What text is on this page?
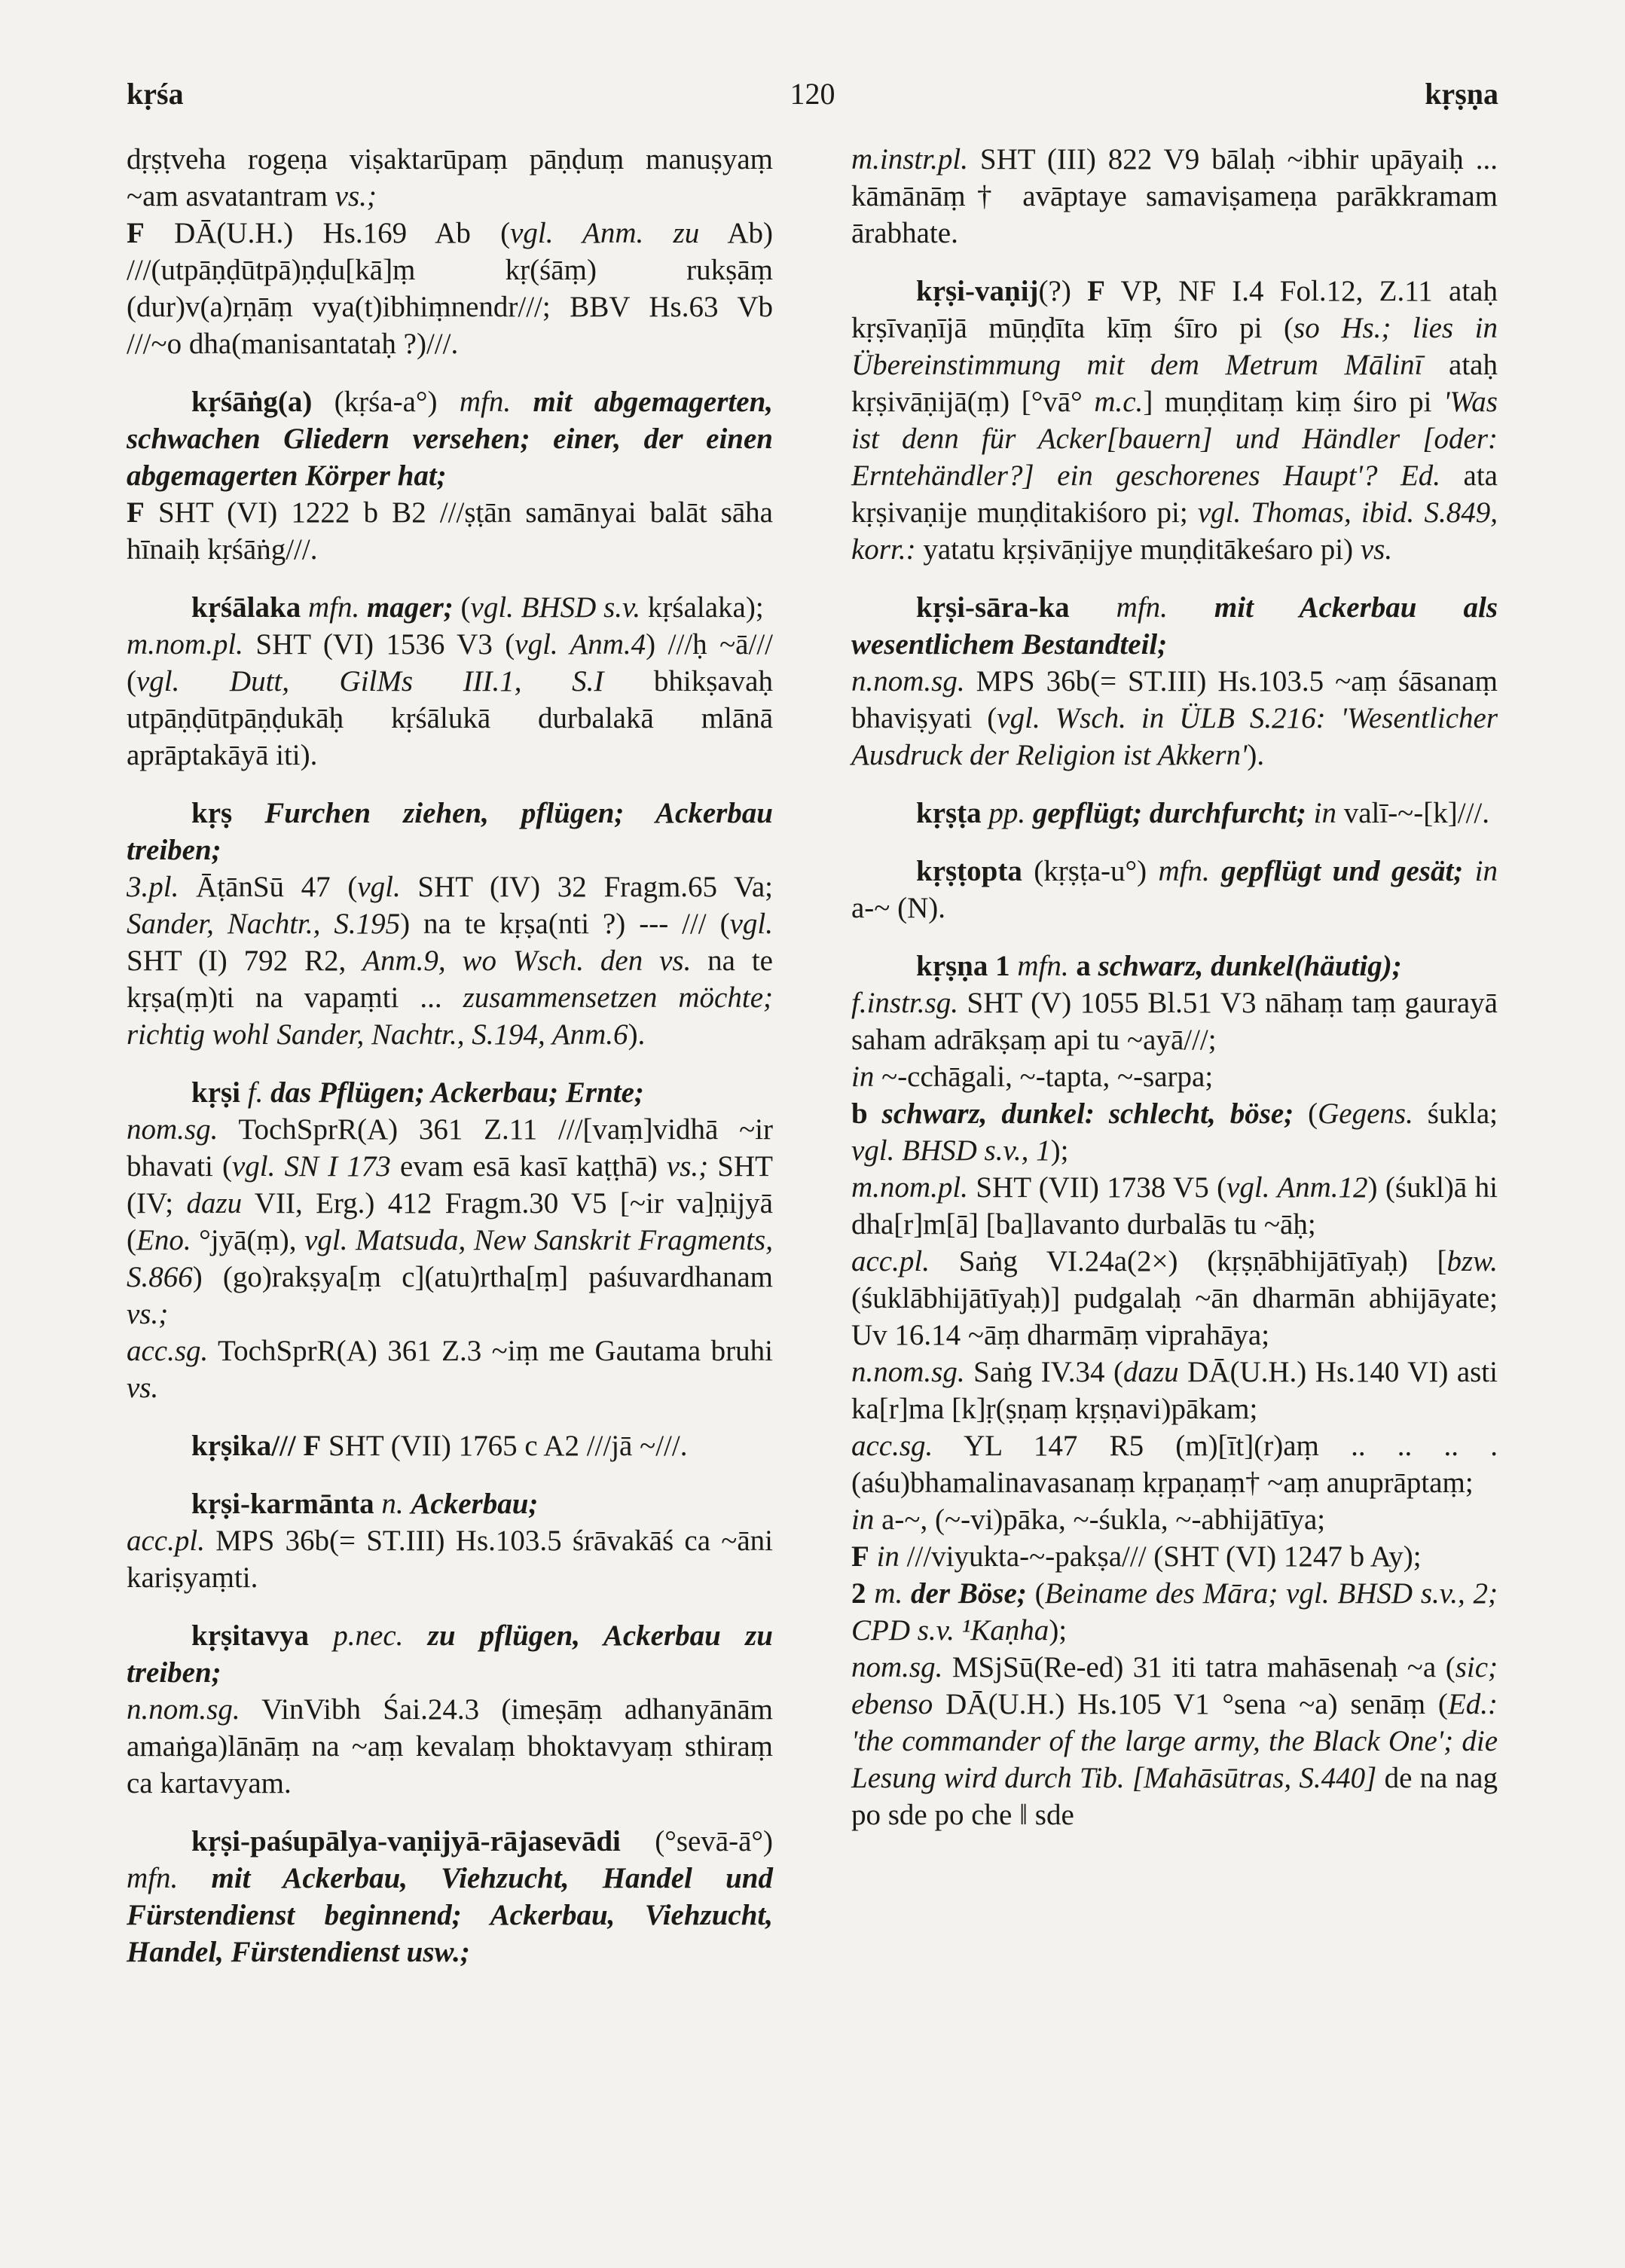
kṛśa	120	kṛṣṇa

dṛṣṭveha rogeṇa viṣaktarūpaṃ pāṇḍuṃ manuṣyaṃ ~am asvatantram vs.;

F DĀ(U.H.) Hs.169 Ab (vgl. Anm. zu Ab) ///(utpāṇḍūtpā)ṇḍu[kā]ṃ kṛ(śāṃ) rukṣāṃ (dur)v(a)rṇāṃ vya(t)ibhiṃnendr///; BBV Hs.63 Vb ///~o dha(manisantataḥ ?)///.

kṛśāṅg(a) (kṛśa-a°) mfn. mit abgemagerten, schwachen Gliedern versehen; einer, der einen abgemagerten Körper hat;

F SHT (VI) 1222 b B2 ///ṣṭān samānyai balāt sāha hīnaiḥ kṛśāṅg///.

kṛśālaka mfn. mager; (vgl. BHSD s.v. kṛśalaka);

m.nom.pl. SHT (VI) 1536 V3 (vgl. Anm.4) ///ḥ ~ā/// (vgl. Dutt, GilMs III.1, S.I bhikṣavaḥ utpāṇḍūtpāṇḍukāḥ kṛśālukā durbalakā mlānā aprāptakāyā iti).

kṛṣ Furchen ziehen, pflügen; Ackerbau treiben;

3.pl. ĀṭānSū 47 (vgl. SHT (IV) 32 Fragm.65 Va; Sander, Nachtr., S.195) na te kṛṣa(nti ?) --- /// (vgl. SHT (I) 792 R2, Anm.9, wo Wsch. den vs. na te kṛṣa(ṃ)ti na vapaṃti ... zusammensetzen möchte; richtig wohl Sander, Nachtr., S.194, Anm.6).

kṛṣi f. das Pflügen; Ackerbau; Ernte;

nom.sg. TochSprR(A) 361 Z.11 ///[vaṃ]vidhā ~ir bhavati (vgl. SN I 173 evam esā kasī kaṭṭhā) vs.; SHT (IV; dazu VII, Erg.) 412 Fragm.30 V5 [~ir va]ṇijyā (Eno. °jyā(ṃ), vgl. Matsuda, New Sanskrit Fragments, S.866) (go)rakṣya[ṃ c](atu)rtha[ṃ] paśuvardhanam vs.;

acc.sg. TochSprR(A) 361 Z.3 ~iṃ me Gautama bruhi vs.

kṛṣika/// F SHT (VII) 1765 c A2 ///jā ~///.

kṛṣi-karmānta n. Ackerbau;

acc.pl. MPS 36b(= ST.III) Hs.103.5 śrāvakāś ca ~āni kariṣyaṃti.

kṛṣitavya p.nec. zu pflügen, Ackerbau zu treiben;

n.nom.sg. VinVibh Śai.24.3 (imeṣāṃ adhanyānām amaṅga)lānāṃ na ~aṃ kevalaṃ bhoktavyaṃ sthiraṃ ca kartavyam.

kṛṣi-paśupālya-vaṇijyā-rājasevādi (°sevā-ā°) mfn. mit Ackerbau, Viehzucht, Handel und Fürstendienst beginnend; Ackerbau, Viehzucht, Handel, Fürstendienst usw.;

m.instr.pl. SHT (III) 822 V9 bālaḥ ~ibhir upāyaiḥ ... kāmānāṃ† avāptaye samaviṣameṇa parākkramam ārabhate.

kṛṣi-vaṇij(?) F VP, NF I.4 Fol.12, Z.11 ataḥ kṛṣīvaṇījā mūṇḍīta kīṃ śīro pi (so Hs.; lies in Übereinstimmung mit dem Metrum Mālinī ataḥ kṛṣivāṇijā(ṃ) [°vā° m.c.] muṇḍitaṃ kiṃ śiro pi 'Was ist denn für Acker[bauern] und Händler [oder: Erntehändler?] ein geschorenes Haupt'? Ed. ata kṛṣivaṇije muṇḍitakiśoro pi; vgl. Thomas, ibid. S.849, korr.: yatatu kṛṣivāṇijye muṇḍitākeśaro pi) vs.

kṛṣi-sāra-ka mfn. mit Ackerbau als wesentlichem Bestandteil;

n.nom.sg. MPS 36b(= ST.III) Hs.103.5 ~aṃ śāsanaṃ bhaviṣyati (vgl. Wsch. in ÜLB S.216: 'Wesentlicher Ausdruck der Religion ist Akkern').

kṛṣṭa pp. gepflügt; durchfurcht; in valī-~-[k]///.

kṛṣṭopta (kṛṣṭa-u°) mfn. gepflügt und gesät; in a-~ (N).

kṛṣṇa 1 mfn. a schwarz, dunkel(häutig);

f.instr.sg. SHT (V) 1055 Bl.51 V3 nāhaṃ taṃ gaurayā saham adrākṣaṃ api tu ~ayā///;

in ~-cchāgali, ~-tapta, ~-sarpa;

b schwarz, dunkel: schlecht, böse; (Gegens. śukla; vgl. BHSD s.v., 1);

m.nom.pl. SHT (VII) 1738 V5 (vgl. Anm.12) (śukl)ā hi dha[r]m[ā] [ba]lavanto durbalās tu ~āḥ;

acc.pl. Saṅg VI.24a(2×) (kṛṣṇābhijātīyaḥ) [bzw. (śuklābhijātīyaḥ)] pudgalaḥ ~ān dharmān abhijāyate; Uv 16.14 ~āṃ dharmāṃ viprahāya;

n.nom.sg. Saṅg IV.34 (dazu DĀ(U.H.) Hs.140 VI) asti ka[r]ma [k]ṛ(ṣṇaṃ kṛṣṇavi)pākam;

acc.sg. YL 147 R5 (m)[īt](r)aṃ .. .. .. .(aśu)bhamalinavasanaṃ kṛpaṇaṃ† ~aṃ anuprāptaṃ;

in a-~, (~-vi)pāka, ~-śukla, ~-abhijātīya;

F in ///viyukta-~-pakṣa/// (SHT (VI) 1247 b Ay);

2 m. der Böse; (Beiname des Māra; vgl. BHSD s.v., 2; CPD s.v. ¹Kaṇha);

nom.sg. MSjSū(Re-ed) 31 iti tatra mahāsenaḥ ~a (sic; ebenso DĀ(U.H.) Hs.105 V1 °sena ~a) senāṃ (Ed.: 'the commander of the large army, the Black One'; die Lesung wird durch Tib. [Mahāsūtras, S.440] de na nag po sde po che ‖ sde
